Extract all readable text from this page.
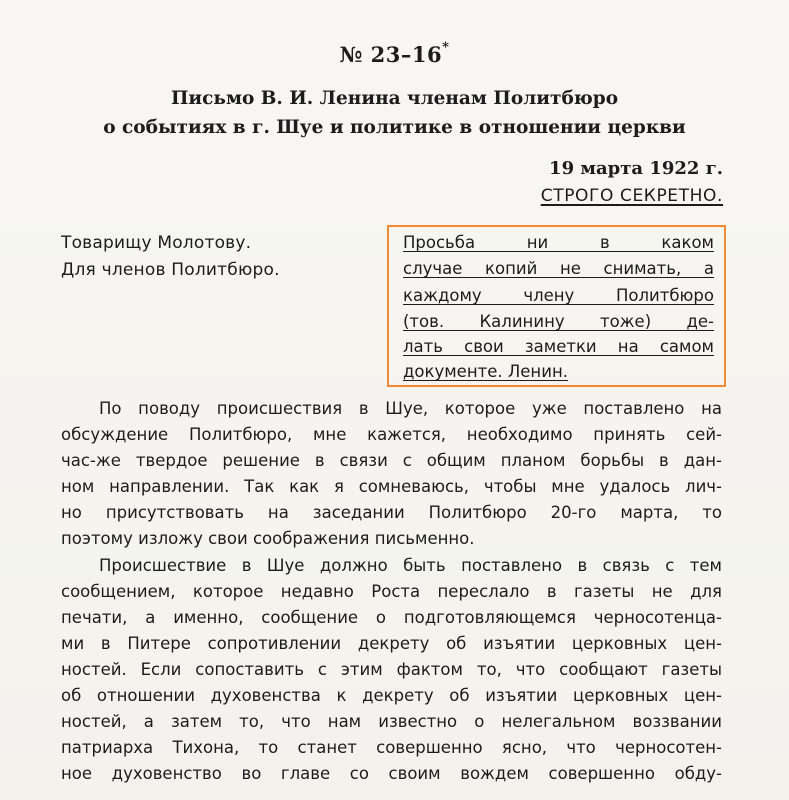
№ 23–16*
Письмо В. И. Ленина членам Политбюро
о событиях в г. Шуе и политике в отношении церкви
19 марта 1922 г.
СТРОГО СЕКРЕТНО.
Товарищу Молотову.
Для членов Политбюро.
Просьба ни в каком
случае копий не снимать, а
каждому члену Политбюро
(тов. Калинину тоже) де-
лать свои заметки на самом
документе. Ленин.
По поводу происшествия в Шуе, которое уже поставлено на
обсуждение Политбюро, мне кажется, необходимо принять сей-
час-же твердое решение в связи с общим планом борьбы в дан-
ном направлении. Так как я сомневаюсь, чтобы мне удалось лич-
но присутствовать на заседании Политбюро 20-го марта, то
поэтому изложу свои соображения письменно.
Происшествие в Шуе должно быть поставлено в связь с тем
сообщением, которое недавно Роста переслало в газеты не для
печати, а именно, сообщение о подготовляющемся черносотенца-
ми в Питере сопротивлении декрету об изъятии церковных цен-
ностей. Если сопоставить с этим фактом то, что сообщают газеты
об отношении духовенства к декрету об изъятии церковных цен-
ностей, а затем то, что нам известно о нелегальном воззвании
патриарха Тихона, то станет совершенно ясно, что черносотен-
ное духовенство во главе со своим вождем совершенно обду-
